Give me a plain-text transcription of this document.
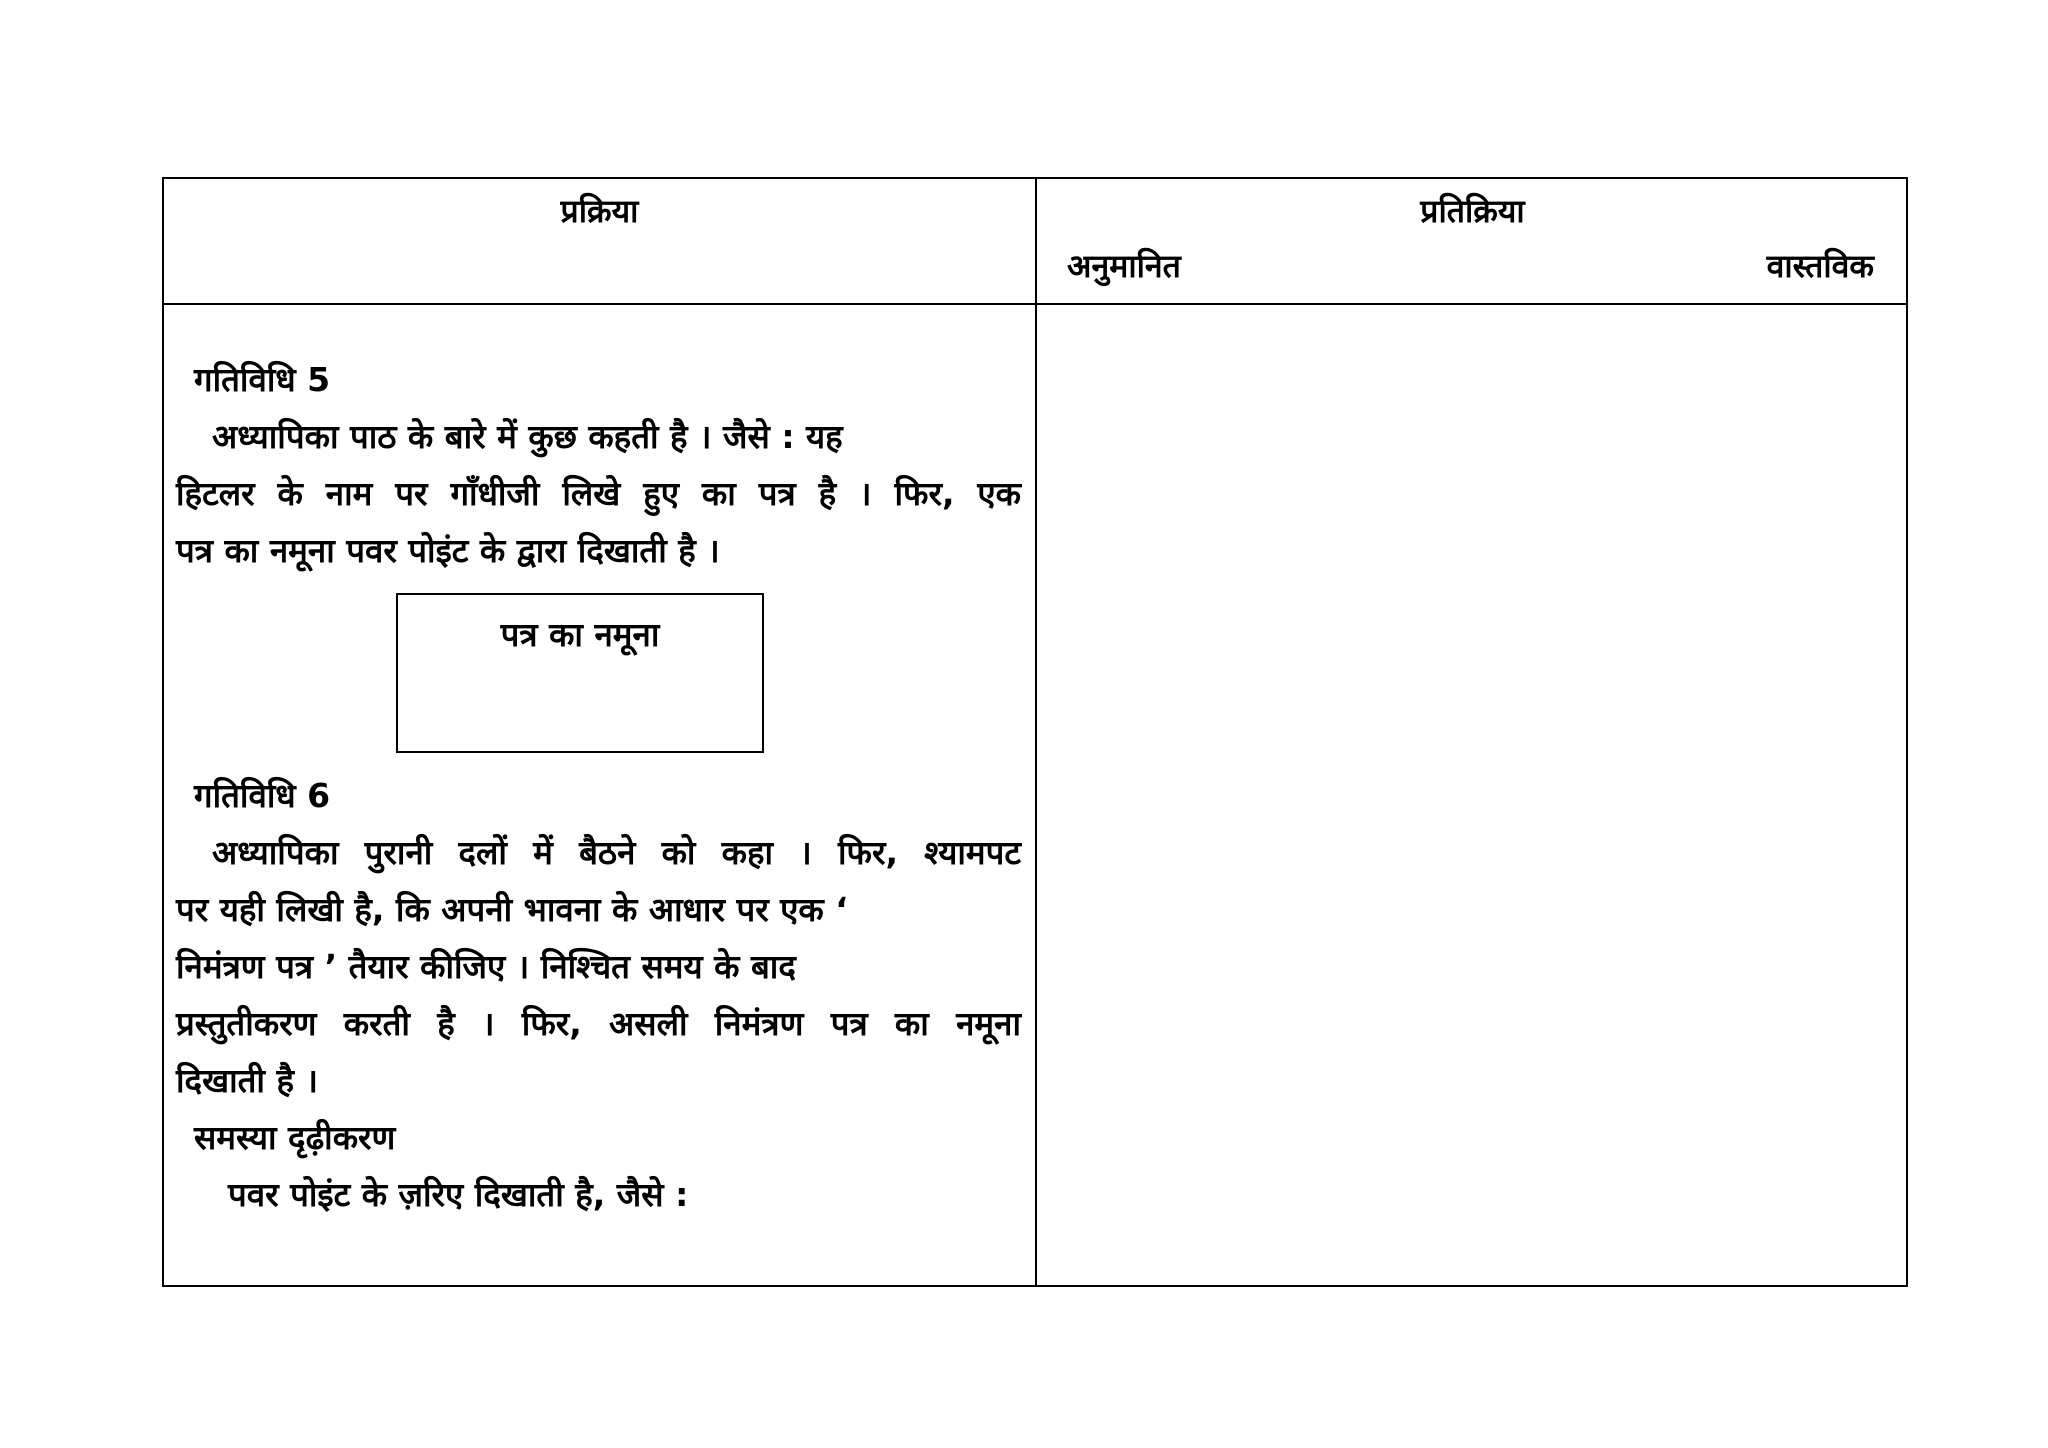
प्रक्रिया	प्रतिक्रिया
अनुमानित	वास्तविक
गतिविधि 5
अध्यापिका पाठ के बारे में कुछ कहती है । जैसे : यह
हिटलर के नाम पर गाँधीजी लिखे हुए का पत्र है । फिर, एक
पत्र का नमूना पवर पोइंट के द्वारा दिखाती है ।
पत्र का नमूना
गतिविधि 6
अध्यापिका पुरानी दलों में बैठने को कहा । फिर, श्यामपट
पर यही लिखी है, कि अपनी भावना के आधार पर एक ‘
निमंत्रण पत्र ’ तैयार कीजिए । निश्चित समय के बाद
प्रस्तुतीकरण करती है । फिर, असली निमंत्रण पत्र का नमूना
दिखाती है ।
समस्या दृढ़ीकरण
पवर पोइंट के ज़रिए दिखाती है, जैसे :
